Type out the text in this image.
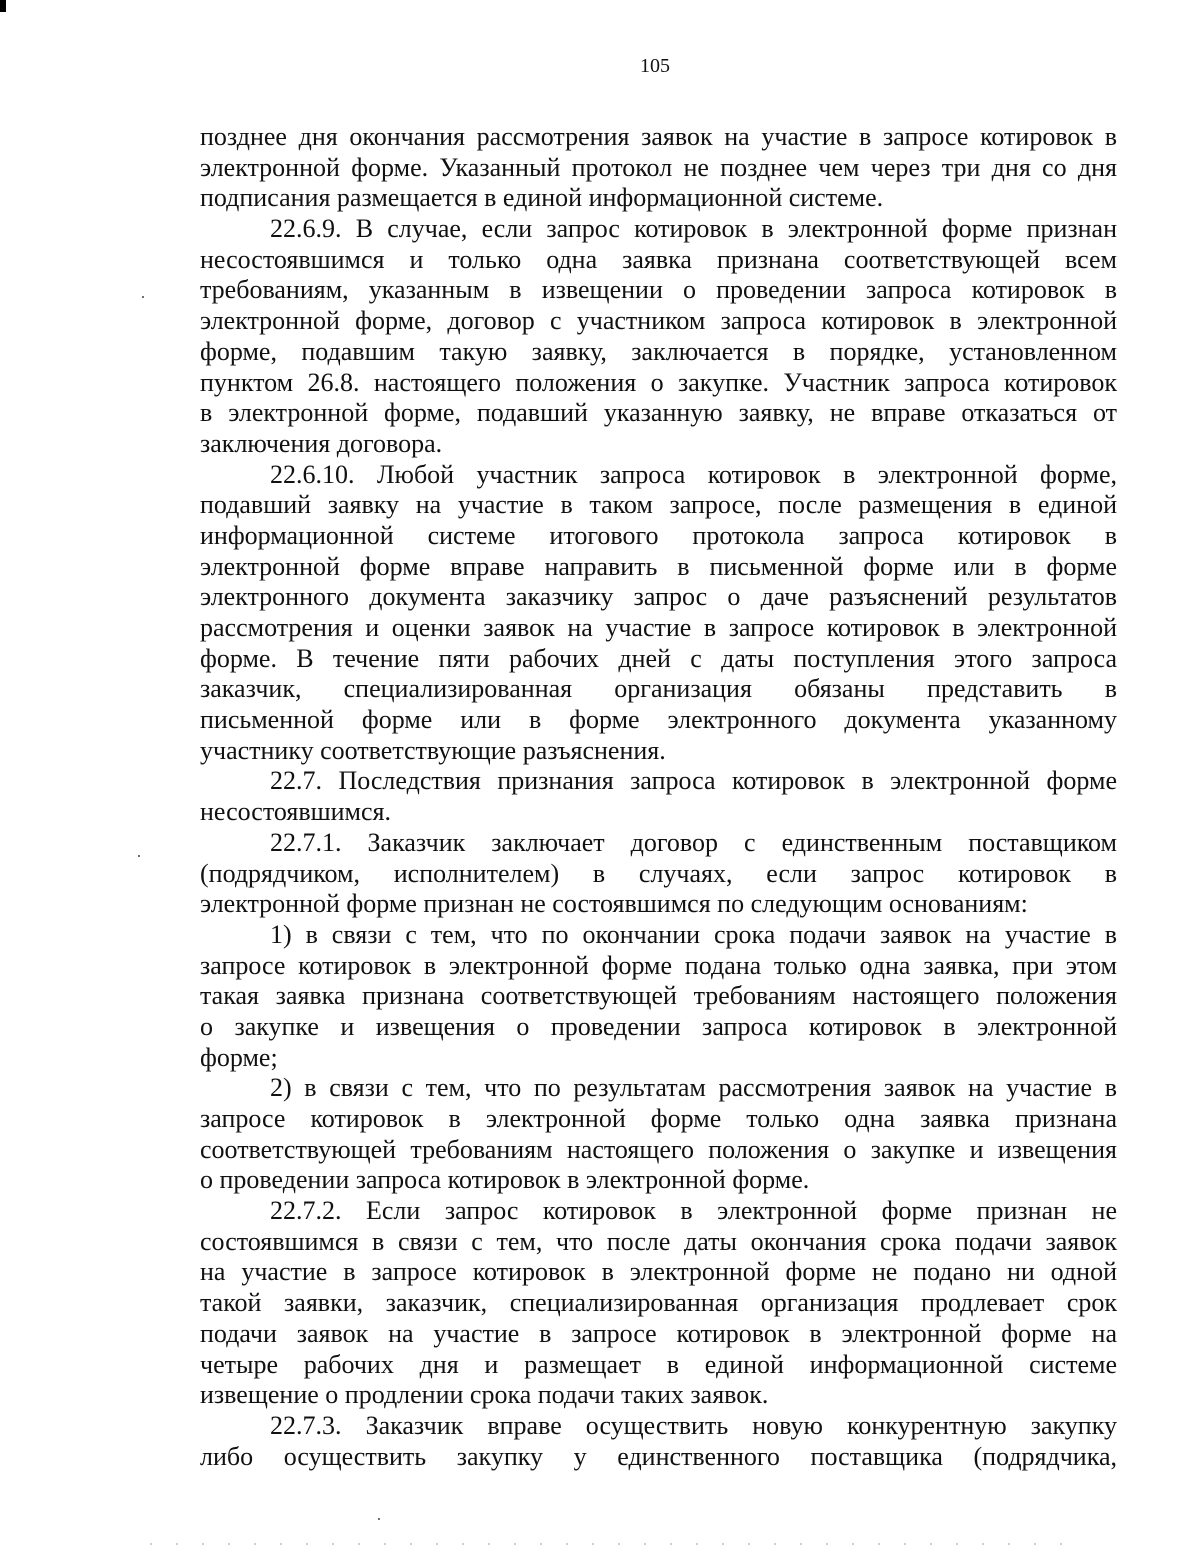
105
позднее дня окончания рассмотрения заявок на участие в запросе котировок в
электронной форме. Указанный протокол не позднее чем через три дня со дня
подписания размещается в единой информационной системе.
22.6.9. В случае, если запрос котировок в электронной форме признан
несостоявшимся и только одна заявка признана соответствующей всем
требованиям, указанным в извещении о проведении запроса котировок в
электронной форме, договор с участником запроса котировок в электронной
форме, подавшим такую заявку, заключается в порядке, установленном
пунктом 26.8. настоящего положения о закупке. Участник запроса котировок
в электронной форме, подавший указанную заявку, не вправе отказаться от
заключения договора.
22.6.10. Любой участник запроса котировок в электронной форме,
подавший заявку на участие в таком запросе, после размещения в единой
информационной системе итогового протокола запроса котировок в
электронной форме вправе направить в письменной форме или в форме
электронного документа заказчику запрос о даче разъяснений результатов
рассмотрения и оценки заявок на участие в запросе котировок в электронной
форме. В течение пяти рабочих дней с даты поступления этого запроса
заказчик, специализированная организация обязаны представить в
письменной форме или в форме электронного документа указанному
участнику соответствующие разъяснения.
22.7. Последствия признания запроса котировок в электронной форме
несостоявшимся.
22.7.1. Заказчик заключает договор с единственным поставщиком
(подрядчиком, исполнителем) в случаях, если запрос котировок в
электронной форме признан не состоявшимся по следующим основаниям:
1) в связи с тем, что по окончании срока подачи заявок на участие в
запросе котировок в электронной форме подана только одна заявка, при этом
такая заявка признана соответствующей требованиям настоящего положения
о закупке и извещения о проведении запроса котировок в электронной
форме;
2) в связи с тем, что по результатам рассмотрения заявок на участие в
запросе котировок в электронной форме только одна заявка признана
соответствующей требованиям настоящего положения о закупке и извещения
о проведении запроса котировок в электронной форме.
22.7.2. Если запрос котировок в электронной форме признан не
состоявшимся в связи с тем, что после даты окончания срока подачи заявок
на участие в запросе котировок в электронной форме не подано ни одной
такой заявки, заказчик, специализированная организация продлевает срок
подачи заявок на участие в запросе котировок в электронной форме на
четыре рабочих дня и размещает в единой информационной системе
извещение о продлении срока подачи таких заявок.
22.7.3. Заказчик вправе осуществить новую конкурентную закупку
либо осуществить закупку у единственного поставщика (подрядчика,
